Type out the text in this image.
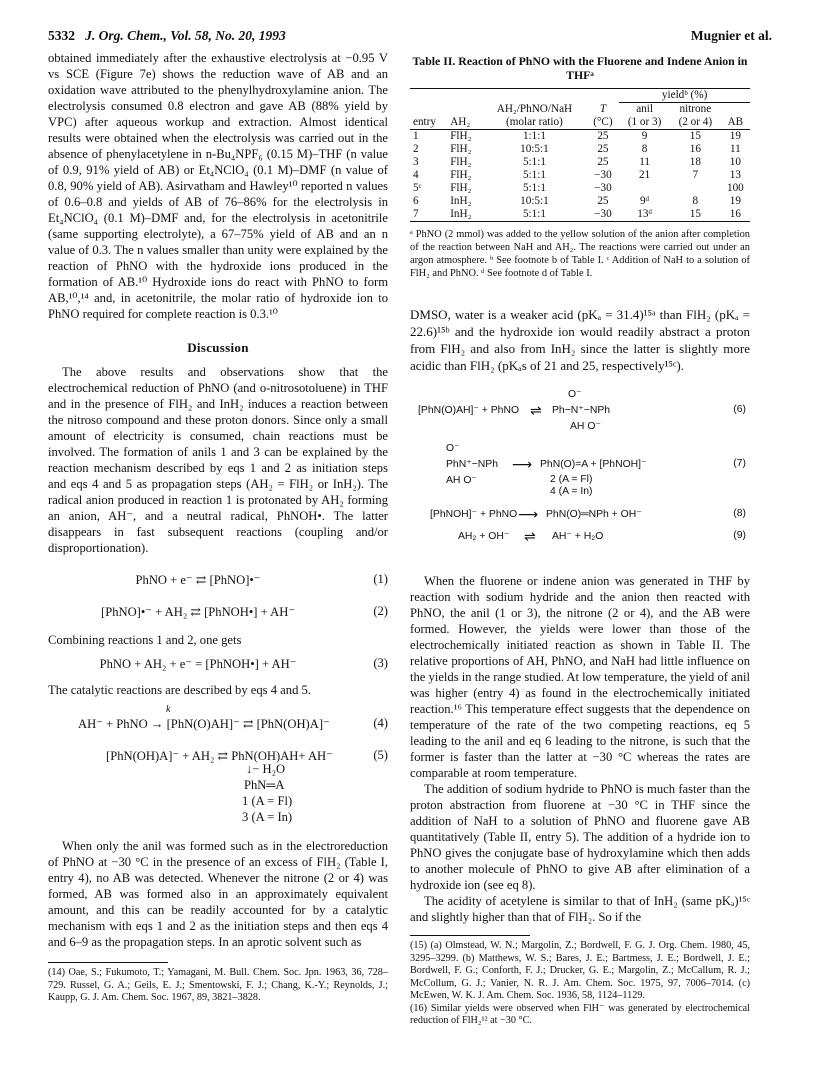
5332 J. Org. Chem., Vol. 58, No. 20, 1993	Mugnier et al.

obtained immediately after the exhaustive electrolysis at −0.95 V vs SCE (Figure 7e) shows the reduction wave of AB and an oxidation wave attributed to the phenylhydroxylamine anion. The electrolysis consumed 0.8 electron and gave AB (88% yield by VPC) after aqueous workup and extraction. Almost identical results were obtained when the electrolysis was carried out in the absence of phenylacetylene in n-Bu₄NPF₆ (0.15 M)–THF (n value of 0.9, 91% yield of AB) or Et₄NClO₄ (0.1 M)–DMF (n value of 0.8, 90% yield of AB). Asirvatham and Hawley¹⁰ reported n values of 0.6–0.8 and yields of AB of 76–86% for the electrolysis in Et₄NClO₄ (0.1 M)–DMF and, for the electrolysis in acetonitrile (same supporting electrolyte), a 67–75% yield of AB and an n value of 0.3. The n values smaller than unity were explained by the reaction of PhNO with the hydroxide ions produced in the formation of AB.¹⁰ Hydroxide ions do react with PhNO to form AB,¹⁰,¹⁴ and, in acetonitrile, the molar ratio of hydroxide ion to PhNO required for complete reaction is 0.3.¹⁰

Discussion

The above results and observations show that the electrochemical reduction of PhNO (and o-nitrosotoluene) in THF and in the presence of FlH₂ and InH₂ induces a reaction between the nitroso compound and these proton donors. Since only a small amount of electricity is consumed, chain reactions must be involved. The formation of anils 1 and 3 can be explained by the reaction mechanism described by eqs 1 and 2 as initiation steps and eqs 4 and 5 as propagation steps (AH₂ = FlH₂ or InH₂). The radical anion produced in reaction 1 is protonated by AH₂ forming an anion, AH⁻, and a neutral radical, PhNOH•. The latter disappears in fast subsequent reactions (coupling and/or disproportionation).

PhNO + e⁻ ⇄ [PhNO]•⁻	(1)
[PhNO]•⁻ + AH₂ ⇄ [PhNOH•] + AH⁻	(2)

Combining reactions 1 and 2, one gets

PhNO + AH₂ + e⁻ = [PhNOH•] + AH⁻	(3)

The catalytic reactions are described by eqs 4 and 5.

k
AH⁻ + PhNO → [PhN(O)AH]⁻ ⇄ [PhN(OH)A]⁻	(4)
[PhN(OH)A]⁻ + AH₂ ⇄ PhN(OH)AH+ AH⁻	(5)
↓− H₂O
PhN═A
1 (A = Fl)
3 (A = In)

When only the anil was formed such as in the electroreduction of PhNO at −30 °C in the presence of an excess of FlH₂ (Table I, entry 4), no AB was detected. Whenever the nitrone (2 or 4) was formed, AB was formed also in an approximately equivalent amount, and this can be readily accounted for by a catalytic mechanism with eqs 1 and 2 as the initiation steps and then eqs 4 and 6–9 as the propagation steps. In an aprotic solvent such as

(14) Oae, S.; Fukumoto, T.; Yamagani, M. Bull. Chem. Soc. Jpn. 1963, 36, 728–729. Russel, G. A.; Geils, E. J.; Smentowski, F. J.; Chang, K.-Y.; Reynolds, J.; Kaupp, G. J. Am. Chem. Soc. 1967, 89, 3821–3828.

Table II. Reaction of PhNO with the Fluorene and Indene Anion in THFᵃ
				yieldᵇ (%)		
		AH₂/PhNO/NaH	T	anil	nitrone	
entry	AH₂	(molar ratio)	(°C)	(1 or 3)	(2 or 4)	AB
1	FlH₂	1:1:1	25	9	15	19
2	FlH₂	10:5:1	25	8	16	11
3	FlH₂	5:1:1	25	11	18	10
4	FlH₂	5:1:1	−30	21	7	13
5ᶜ	FlH₂	5:1:1	−30			100
6	InH₂	10:5:1	25	9ᵈ	8	19
7	InH₂	5:1:1	−30	13ᵈ	15	16

ᵃ PhNO (2 mmol) was added to the yellow solution of the anion after completion of the reaction between NaH and AH₂. The reactions were carried out under an argon atmosphere. ᵇ See footnote b of Table I. ᶜ Addition of NaH to a solution of FlH₂ and PhNO. ᵈ See footnote d of Table I.

DMSO, water is a weaker acid (pKₐ = 31.4)¹⁵ᵃ than FlH₂ (pKₐ = 22.6)¹⁵ᵇ and the hydroxide ion would readily abstract a proton from FlH₂ and also from InH₂ since the latter is slightly more acidic than FlH₂ (pKₐs of 21 and 25, respectively¹⁵ᶜ).

O⁻
[PhN(O)AH]⁻ + PhNO ⇌ Ph−N⁺−NPh
AH O⁻
(6)
O⁻
PhN⁺−NPh
AH O⁻
⟶ PhN(O)=A + [PhNOH]⁻
2 (A = Fl)
4 (A = In)
(7)
[PhNOH]⁻ + PhNO ⟶ PhN(O)═NPh + OH⁻	(8)
AH₂ + OH⁻ ⇌ AH⁻ + H₂O	(9)

When the fluorene or indene anion was generated in THF by reaction with sodium hydride and the anion then reacted with PhNO, the anil (1 or 3), the nitrone (2 or 4), and the AB were formed. However, the yields were lower than those of the electrochemically initiated reaction as shown in Table II. The relative proportions of AH, PhNO, and NaH had little influence on the yields in the range studied. At low temperature, the yield of anil was higher (entry 4) as found in the electrochemically initiated reaction.¹⁶ This temperature effect suggests that the dependence on temperature of the rate of the two competing reactions, eq 5 leading to the anil and eq 6 leading to the nitrone, is such that the former is faster than the latter at −30 °C whereas the rates are comparable at room temperature.

The addition of sodium hydride to PhNO is much faster than the proton abstraction from fluorene at −30 °C in THF since the addition of NaH to a solution of PhNO and fluorene gave AB quantitatively (Table II, entry 5). The addition of a hydride ion to PhNO gives the conjugate base of hydroxylamine which then adds to another molecule of PhNO to give AB after elimination of a hydroxide ion (see eq 8).

The acidity of acetylene is similar to that of InH₂ (same pKₐ)¹⁵ᶜ and slightly higher than that of FlH₂. So if the

(15) (a) Olmstead, W. N.; Margolin, Z.; Bordwell, F. G. J. Org. Chem. 1980, 45, 3295–3299. (b) Matthews, W. S.; Bares, J. E.; Bartmess, J. E.; Bordwell, J. E.; Bordwell, F. G.; Conforth, F. J.; Drucker, G. E.; Margolin, Z.; McCallum, R. J.; McCollum, G. J.; Vanier, N. R. J. Am. Chem. Soc. 1975, 97, 7006–7014. (c) McEwen, W. K. J. Am. Chem. Soc. 1936, 58, 1124–1129.

(16) Similar yields were observed when FlH⁻ was generated by electrochemical reduction of FlH₂¹² at −30 °C.
